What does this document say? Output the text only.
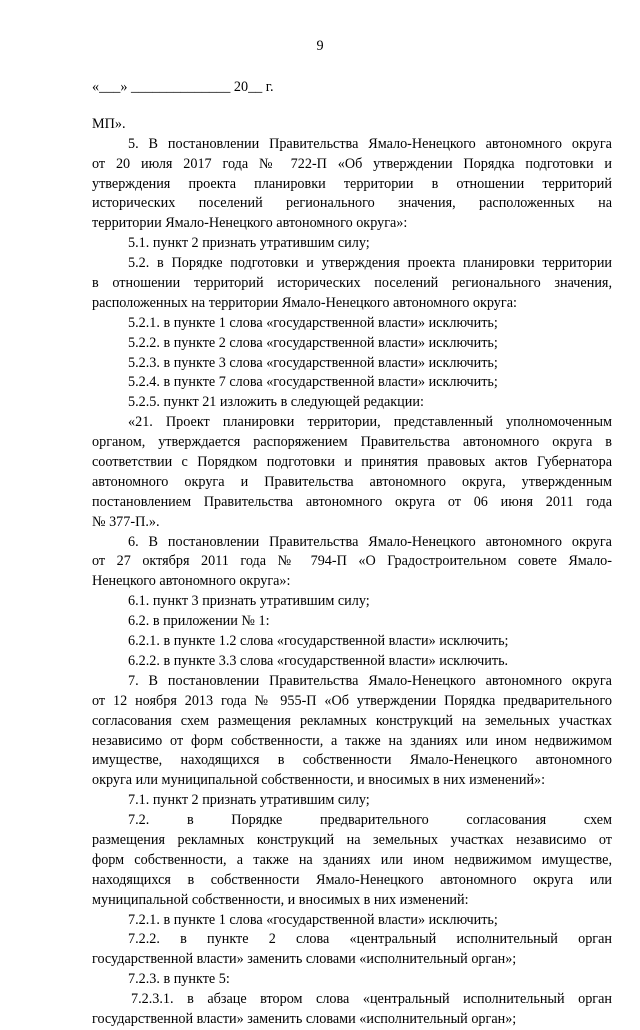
9
«___» ______________ 20__ г.
МП».
5. В постановлении Правительства Ямало-Ненецкого автономного округа
от 20 июля 2017 года № 722-П «Об утверждении Порядка подготовки и
утверждения проекта планировки территории в отношении территорий
исторических поселений регионального значения, расположенных на
территории Ямало-Ненецкого автономного округа»:
5.1. пункт 2 признать утратившим силу;
5.2. в Порядке подготовки и утверждения проекта планировки территории
в отношении территорий исторических поселений регионального значения,
расположенных на территории Ямало-Ненецкого автономного округа:
5.2.1. в пункте 1 слова «государственной власти» исключить;
5.2.2. в пункте 2 слова «государственной власти» исключить;
5.2.3. в пункте 3 слова «государственной власти» исключить;
5.2.4. в пункте 7 слова «государственной власти» исключить;
5.2.5. пункт 21 изложить в следующей редакции:
«21. Проект планировки территории, представленный уполномоченным
органом, утверждается распоряжением Правительства автономного округа в
соответствии с Порядком подготовки и принятия правовых актов Губернатора
автономного округа и Правительства автономного округа, утвержденным
постановлением Правительства автономного округа от 06 июня 2011 года
№ 377-П.».
6. В постановлении Правительства Ямало-Ненецкого автономного округа
от 27 октября 2011 года № 794-П «О Градостроительном совете Ямало-
Ненецкого автономного округа»:
6.1. пункт 3 признать утратившим силу;
6.2. в приложении № 1:
6.2.1. в пункте 1.2 слова «государственной власти» исключить;
6.2.2. в пункте 3.3 слова «государственной власти» исключить.
7. В постановлении Правительства Ямало-Ненецкого автономного округа
от 12 ноября 2013 года № 955-П «Об утверждении Порядка предварительного
согласования схем размещения рекламных конструкций на земельных участках
независимо от форм собственности, а также на зданиях или ином недвижимом
имуществе, находящихся в собственности Ямало-Ненецкого автономного
округа или муниципальной собственности, и вносимых в них изменений»:
7.1. пункт 2 признать утратившим силу;
7.2. в Порядке предварительного согласования схем
размещения рекламных конструкций на земельных участках независимо от
форм собственности, а также на зданиях или ином недвижимом имуществе,
находящихся в собственности Ямало-Ненецкого автономного округа или
муниципальной собственности, и вносимых в них изменений:
7.2.1. в пункте 1 слова «государственной власти» исключить;
7.2.2. в пункте 2 слова «центральный исполнительный орган
государственной власти» заменить словами «исполнительный орган»;
7.2.3. в пункте 5:
7.2.3.1. в абзаце втором слова «центральный исполнительный орган
государственной власти» заменить словами «исполнительный орган»;
